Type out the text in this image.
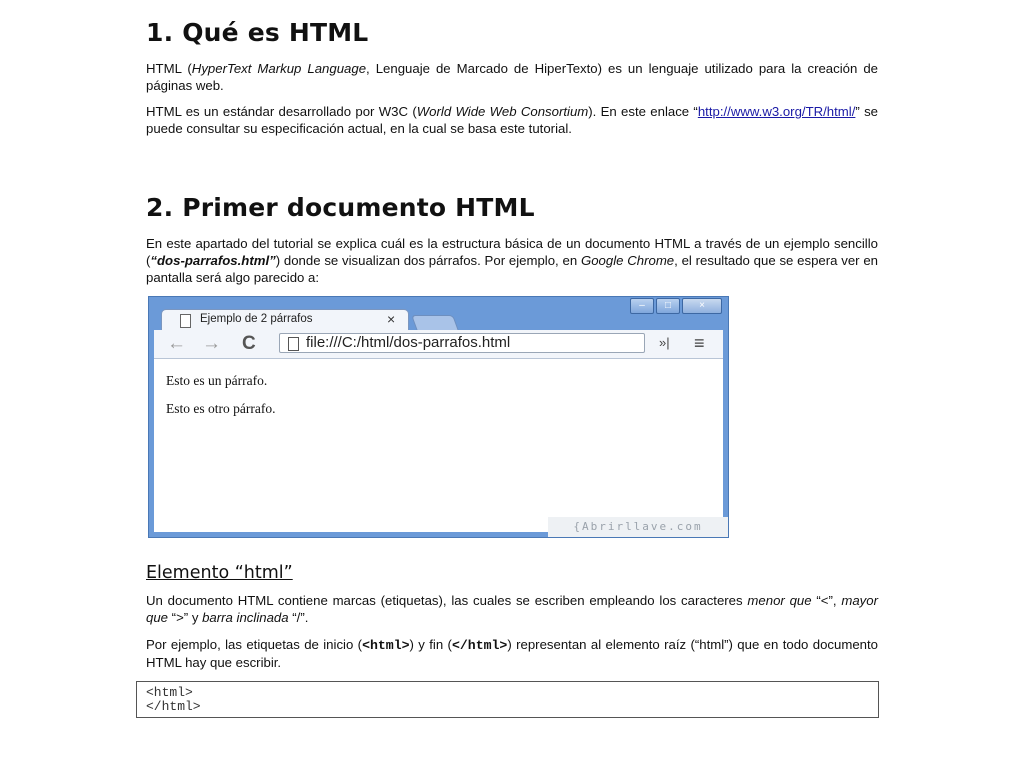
1. Qué es HTML

HTML (HyperText Markup Language, Lenguaje de Marcado de HiperTexto) es un lenguaje utilizado para la creación de páginas web.

HTML es un estándar desarrollado por W3C (World Wide Web Consortium). En este enlace “http://www.w3.org/TR/html/” se puede consultar su especificación actual, en la cual se basa este tutorial.

2. Primer documento HTML

En este apartado del tutorial se explica cuál es la estructura básica de un documento HTML a través de un ejemplo sencillo (“dos-parrafos.html”) donde se visualizan dos párrafos. Por ejemplo, en Google Chrome, el resultado que se espera ver en pantalla será algo parecido a:

–	□	×
Ejemplo de 2 párrafos	×
← → C	file:///C:/html/dos-parrafos.html	»| ≡
Esto es un párrafo.
Esto es otro párrafo.
{Abrirllave.com
Elemento “html”

Un documento HTML contiene marcas (etiquetas), las cuales se escriben empleando los caracteres menor que “<”, mayor que “>” y barra inclinada “/”.

Por ejemplo, las etiquetas de inicio (<html>) y fin (</html>) representan al elemento raíz (“html”) que en todo documento HTML hay que escribir.

<html>
</html>
